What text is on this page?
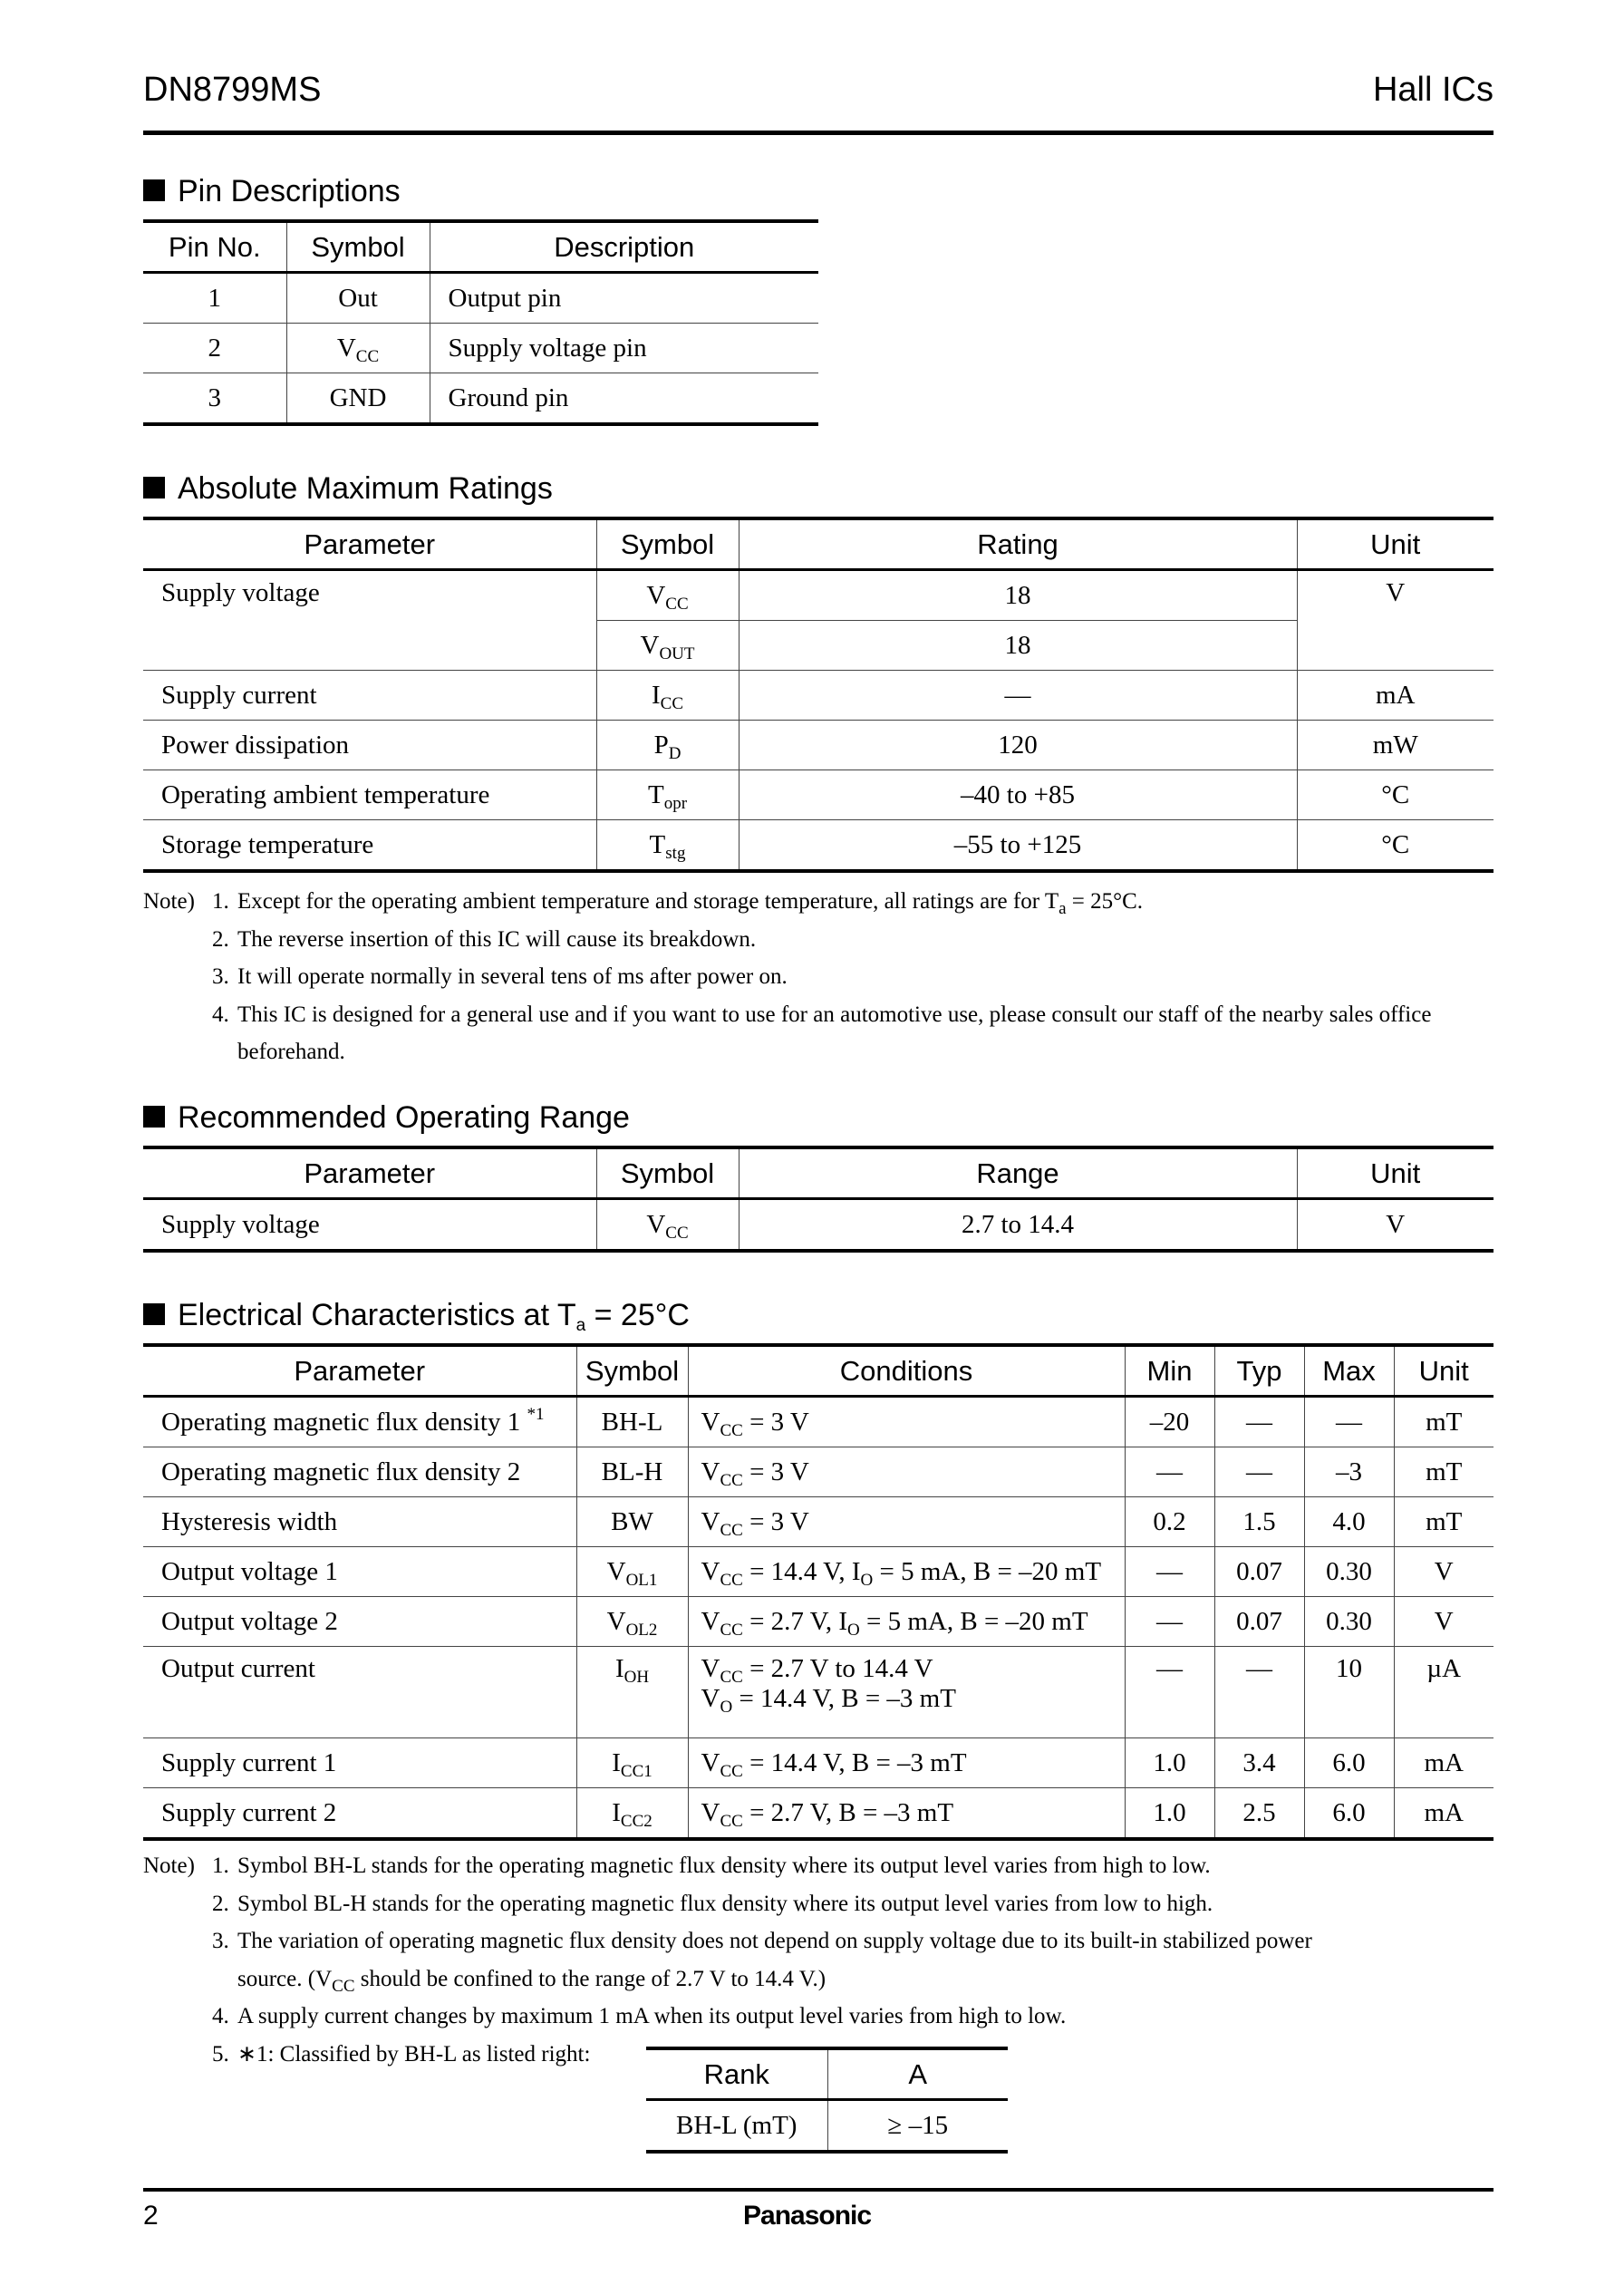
DN8799MS	Hall ICs
Pin Descriptions
Pin No.	Symbol	Description
1	Out	Output pin
2	$V_{CC}$	Supply voltage pin
3	GND	Ground pin
Absolute Maximum Ratings
Parameter	Symbol	Rating	Unit
Supply voltage	$V_{CC}$	18	V
	$V_{OUT}$	18	
Supply current	$I_{CC}$	—	mA
Power dissipation	$P_D$	120	mW
Operating ambient temperature	$T_{opr}$	–40 to +85	°C
Storage temperature	$T_{stg}$	–55 to +125	°C
Note) 1. Except for the operating ambient temperature and storage temperature, all ratings are for $T_a = 25^\circ C$.
2. The reverse insertion of this IC will cause its breakdown.
3. It will operate normally in several tens of ms after power on.
4. This IC is designed for a general use and if you want to use for an automotive use, please consult our staff of the nearby sales office beforehand.
Recommended Operating Range
Parameter	Symbol	Range	Unit
Supply voltage	$V_{CC}$	2.7 to 14.4	V
Electrical Characteristics at $T_a = 25^\circ C$
Parameter	Symbol	Conditions	Min	Typ	Max	Unit
Operating magnetic flux density 1 $^{*1}$	BH-L	$V_{CC} = 3$ V	–20	—	—	mT
Operating magnetic flux density 2	BL-H	$V_{CC} = 3$ V	—	—	–3	mT
Hysteresis width	BW	$V_{CC} = 3$ V	0.2	1.5	4.0	mT
Output voltage 1	$V_{OL1}$	$V_{CC} = 14.4$ V, $I_O = 5$ mA, B = –20 mT	—	0.07	0.30	V
Output voltage 2	$V_{OL2}$	$V_{CC} = 2.7$ V, $I_O = 5$ mA, B = –20 mT	—	0.07	0.30	V
Output current	$I_{OH}$	$V_{CC} = 2.7$ V to 14.4 V
$V_O = 14.4$ V, B = –3 mT	—	—	10	µA
Supply current 1	$I_{CC1}$	$V_{CC} = 14.4$ V, B = –3 mT	1.0	3.4	6.0	mA
Supply current 2	$I_{CC2}$	$V_{CC} = 2.7$ V, B = –3 mT	1.0	2.5	6.0	mA
Note) 1. Symbol BH-L stands for the operating magnetic flux density where its output level varies from high to low.
2. Symbol BL-H stands for the operating magnetic flux density where its output level varies from low to high.
3. The variation of operating magnetic flux density does not depend on supply voltage due to its built-in stabilized power
source. ($V_{CC}$ should be confined to the range of 2.7 V to 14.4 V.)
4. A supply current changes by maximum 1 mA when its output level varies from high to low.
5. ∗1: Classified by BH-L as listed right:
Rank	A
BH-L (mT)	≥ –15
2	Panasonic
